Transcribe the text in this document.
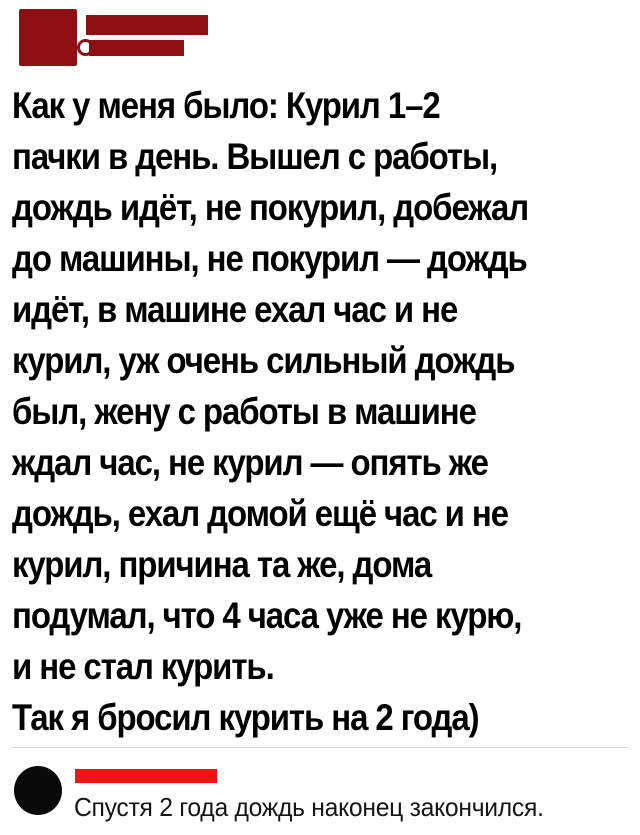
Как у меня было: Курил 1–2
пачки в день. Вышел с работы,
дождь идёт, не покурил, добежал
до машины, не покурил — дождь
идёт, в машине ехал час и не
курил, уж очень сильный дождь
был, жену с работы в машине
ждал час, не курил — опять же
дождь, ехал домой ещё час и не
курил, причина та же, дома
подумал, что 4 часа уже не курю,
и не стал курить.
Так я бросил курить на 2 года)
Спустя 2 года дождь наконец закончился.
